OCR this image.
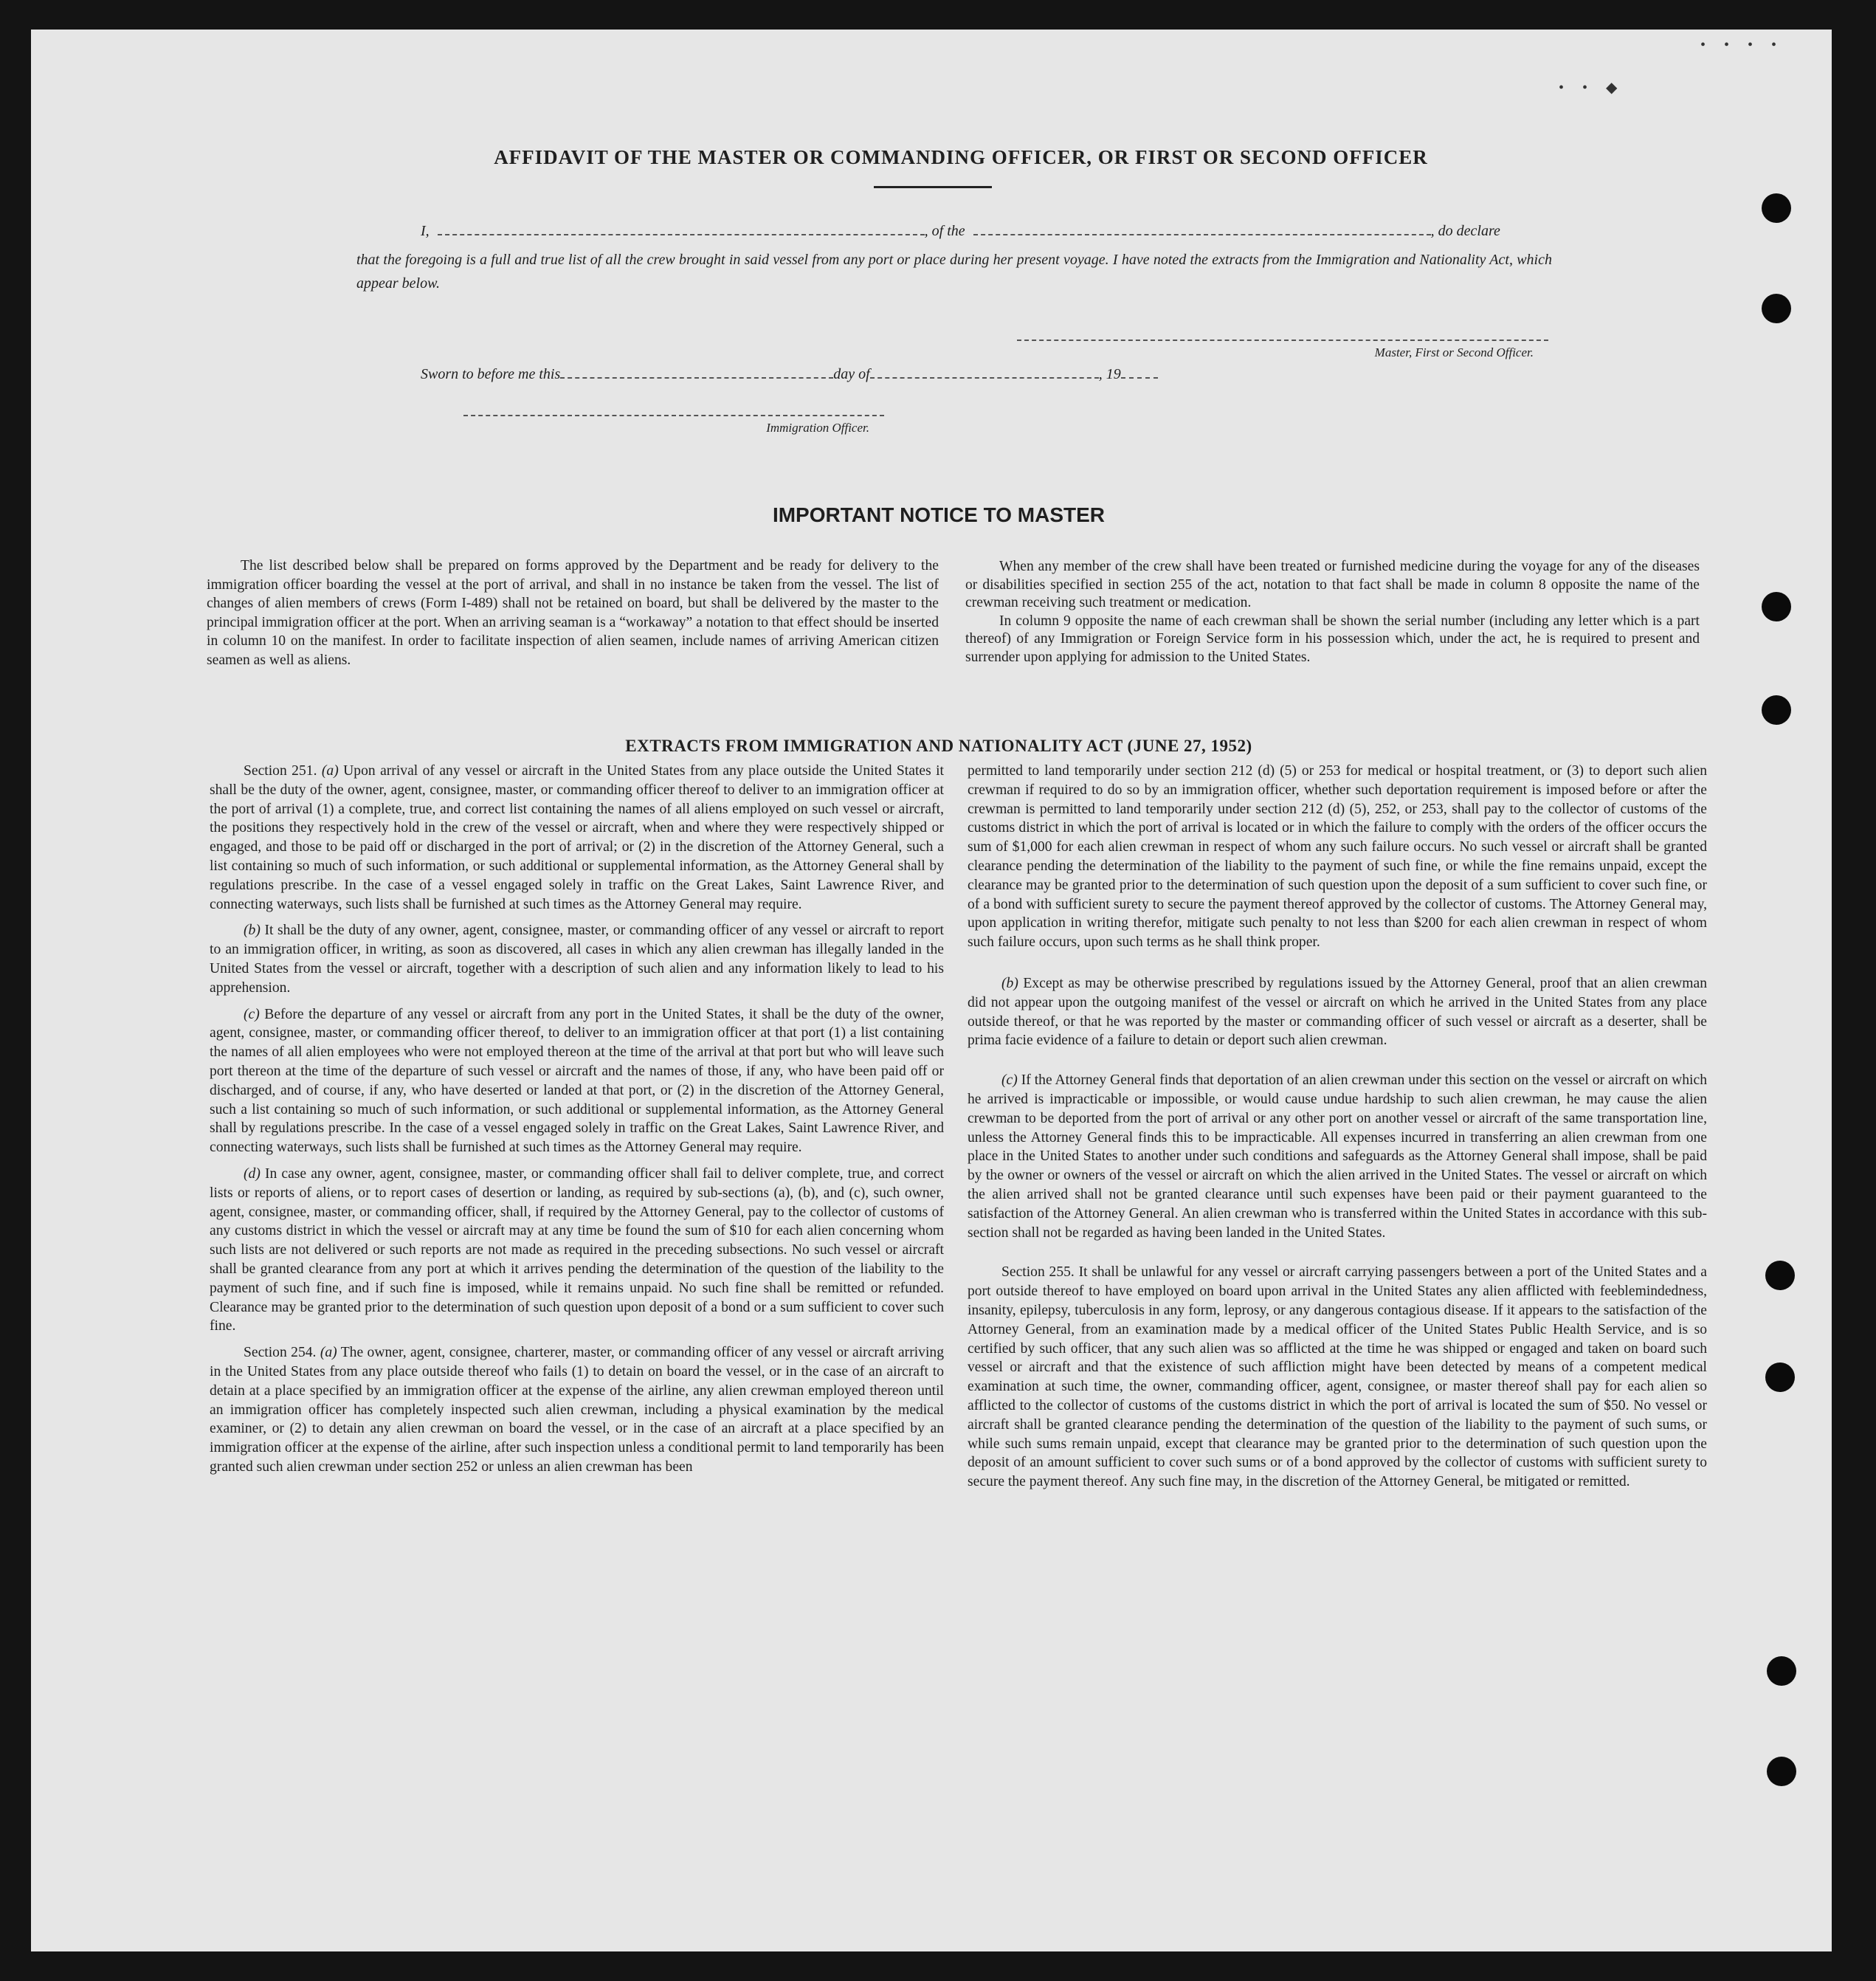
• • • •
• • ◆
AFFIDAVIT OF THE MASTER OR COMMANDING OFFICER, OR FIRST OR SECOND OFFICER
I,	, of the	, do declare
that the foregoing is a full and true list of all the crew brought in said vessel from any port or place during her present voyage. I have noted the extracts from the Immigration and Nationality Act, which appear below.
Master, First or Second Officer.
Sworn to before me this	day of	, 19
Immigration Officer.
IMPORTANT NOTICE TO MASTER

The list described below shall be prepared on forms approved by the Department and be ready for delivery to the immigration officer boarding the vessel at the port of arrival, and shall in no instance be taken from the vessel. The list of changes of alien members of crews (Form I-489) shall not be retained on board, but shall be delivered by the master to the principal immigration officer at the port. When an arriving seaman is a “workaway” a notation to that effect should be inserted in column 10 on the manifest. In order to facilitate inspection of alien seamen, include names of arriving American citizen seamen as well as aliens.

When any member of the crew shall have been treated or furnished medicine during the voyage for any of the diseases or disabilities specified in section 255 of the act, notation to that fact shall be made in column 8 opposite the name of the crewman receiving such treatment or medication.

In column 9 opposite the name of each crewman shall be shown the serial number (including any letter which is a part thereof) of any Immigration or Foreign Service form in his possession which, under the act, he is required to present and surrender upon applying for admission to the United States.

EXTRACTS FROM IMMIGRATION AND NATIONALITY ACT (JUNE 27, 1952)

Section 251. (a) Upon arrival of any vessel or aircraft in the United States from any place outside the United States it shall be the duty of the owner, agent, consignee, master, or commanding officer thereof to deliver to an immigration officer at the port of arrival (1) a complete, true, and correct list containing the names of all aliens employed on such vessel or aircraft, the positions they respectively hold in the crew of the vessel or aircraft, when and where they were respectively shipped or engaged, and those to be paid off or discharged in the port of arrival; or (2) in the discretion of the Attorney General, such a list containing so much of such information, or such additional or supplemental information, as the Attorney General shall by regulations prescribe. In the case of a vessel engaged solely in traffic on the Great Lakes, Saint Lawrence River, and connecting waterways, such lists shall be furnished at such times as the Attorney General may require.

(b) It shall be the duty of any owner, agent, consignee, master, or commanding officer of any vessel or aircraft to report to an immigration officer, in writing, as soon as discovered, all cases in which any alien crewman has illegally landed in the United States from the vessel or aircraft, together with a description of such alien and any information likely to lead to his apprehension.

(c) Before the departure of any vessel or aircraft from any port in the United States, it shall be the duty of the owner, agent, consignee, master, or commanding officer thereof, to deliver to an immigration officer at that port (1) a list containing the names of all alien employees who were not employed thereon at the time of the arrival at that port but who will leave such port thereon at the time of the departure of such vessel or aircraft and the names of those, if any, who have been paid off or discharged, and of course, if any, who have deserted or landed at that port, or (2) in the discretion of the Attorney General, such a list containing so much of such information, or such additional or supplemental information, as the Attorney General shall by regulations prescribe. In the case of a vessel engaged solely in traffic on the Great Lakes, Saint Lawrence River, and connecting waterways, such lists shall be furnished at such times as the Attorney General may require.

(d) In case any owner, agent, consignee, master, or commanding officer shall fail to deliver complete, true, and correct lists or reports of aliens, or to report cases of desertion or landing, as required by sub-sections (a), (b), and (c), such owner, agent, consignee, master, or commanding officer, shall, if required by the Attorney General, pay to the collector of customs of any customs district in which the vessel or aircraft may at any time be found the sum of $10 for each alien concerning whom such lists are not delivered or such reports are not made as required in the preceding subsections. No such vessel or aircraft shall be granted clearance from any port at which it arrives pending the determination of the question of the liability to the payment of such fine, and if such fine is imposed, while it remains unpaid. No such fine shall be remitted or refunded. Clearance may be granted prior to the determination of such question upon deposit of a bond or a sum sufficient to cover such fine.

Section 254. (a) The owner, agent, consignee, charterer, master, or commanding officer of any vessel or aircraft arriving in the United States from any place outside thereof who fails (1) to detain on board the vessel, or in the case of an aircraft to detain at a place specified by an immigration officer at the expense of the airline, any alien crewman employed thereon until an immigration officer has completely inspected such alien crewman, including a physical examination by the medical examiner, or (2) to detain any alien crewman on board the vessel, or in the case of an aircraft at a place specified by an immigration officer at the expense of the airline, after such inspection unless a conditional permit to land temporarily has been granted such alien crewman under section 252 or unless an alien crewman has been

permitted to land temporarily under section 212 (d) (5) or 253 for medical or hospital treatment, or (3) to deport such alien crewman if required to do so by an immigration officer, whether such deportation requirement is imposed before or after the crewman is permitted to land temporarily under section 212 (d) (5), 252, or 253, shall pay to the collector of customs of the customs district in which the port of arrival is located or in which the failure to comply with the orders of the officer occurs the sum of $1,000 for each alien crewman in respect of whom any such failure occurs. No such vessel or aircraft shall be granted clearance pending the determination of the liability to the payment of such fine, or while the fine remains unpaid, except the clearance may be granted prior to the determination of such question upon the deposit of a sum sufficient to cover such fine, or of a bond with sufficient surety to secure the payment thereof approved by the collector of customs. The Attorney General may, upon application in writing therefor, mitigate such penalty to not less than $200 for each alien crewman in respect of whom such failure occurs, upon such terms as he shall think proper.

(b) Except as may be otherwise prescribed by regulations issued by the Attorney General, proof that an alien crewman did not appear upon the outgoing manifest of the vessel or aircraft on which he arrived in the United States from any place outside thereof, or that he was reported by the master or commanding officer of such vessel or aircraft as a deserter, shall be prima facie evidence of a failure to detain or deport such alien crewman.

(c) If the Attorney General finds that deportation of an alien crewman under this section on the vessel or aircraft on which he arrived is impracticable or impossible, or would cause undue hardship to such alien crewman, he may cause the alien crewman to be deported from the port of arrival or any other port on another vessel or aircraft of the same transportation line, unless the Attorney General finds this to be impracticable. All expenses incurred in transferring an alien crewman from one place in the United States to another under such conditions and safeguards as the Attorney General shall impose, shall be paid by the owner or owners of the vessel or aircraft on which the alien arrived in the United States. The vessel or aircraft on which the alien arrived shall not be granted clearance until such expenses have been paid or their payment guaranteed to the satisfaction of the Attorney General. An alien crewman who is transferred within the United States in accordance with this sub-section shall not be regarded as having been landed in the United States.

Section 255. It shall be unlawful for any vessel or aircraft carrying passengers between a port of the United States and a port outside thereof to have employed on board upon arrival in the United States any alien afflicted with feeblemindedness, insanity, epilepsy, tuberculosis in any form, leprosy, or any dangerous contagious disease. If it appears to the satisfaction of the Attorney General, from an examination made by a medical officer of the United States Public Health Service, and is so certified by such officer, that any such alien was so afflicted at the time he was shipped or engaged and taken on board such vessel or aircraft and that the existence of such affliction might have been detected by means of a competent medical examination at such time, the owner, commanding officer, agent, consignee, or master thereof shall pay for each alien so afflicted to the collector of customs of the customs district in which the port of arrival is located the sum of $50. No vessel or aircraft shall be granted clearance pending the determination of the question of the liability to the payment of such sums, or while such sums remain unpaid, except that clearance may be granted prior to the determination of such question upon the deposit of an amount sufficient to cover such sums or of a bond approved by the collector of customs with sufficient surety to secure the payment thereof. Any such fine may, in the discretion of the Attorney General, be mitigated or remitted.
